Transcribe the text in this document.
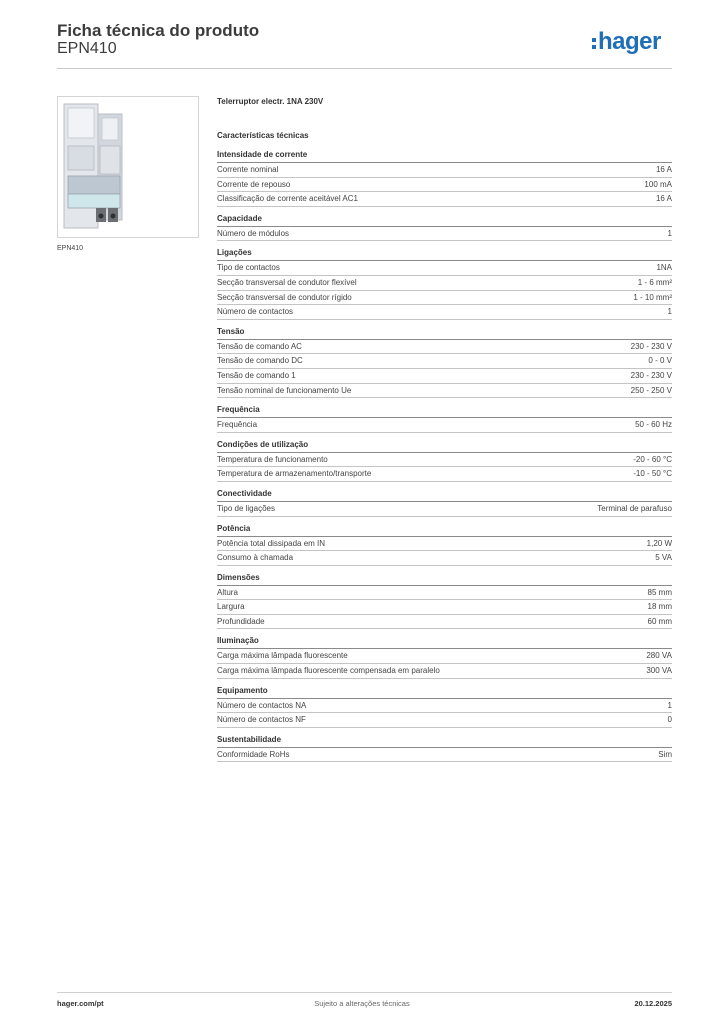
Ficha técnica do produto
EPN410	hager
EPN410
Telerruptor electr. 1NA 230V
Características técnicas
Intensidade de corrente
Corrente nominal	16 A
Corrente de repouso	100 mA
Classificação de corrente aceitável AC1	16 A
Capacidade
Número de módulos	1
Ligações
Tipo de contactos	1NA
Secção transversal de condutor flexível	1 - 6 mm²
Secção transversal de condutor rígido	1 - 10 mm²
Número de contactos	1
Tensão
Tensão de comando AC	230 - 230 V
Tensão de comando DC	0 - 0 V
Tensão de comando 1	230 - 230 V
Tensão nominal de funcionamento Ue	250 - 250 V
Frequência
Frequência	50 - 60 Hz
Condições de utilização
Temperatura de funcionamento	-20 - 60 °C
Temperatura de armazenamento/transporte	-10 - 50 °C
Conectividade
Tipo de ligações	Terminal de parafuso
Potência
Potência total dissipada em IN	1,20 W
Consumo à chamada	5 VA
Dimensões
Altura	85 mm
Largura	18 mm
Profundidade	60 mm
Iluminação
Carga máxima lâmpada fluorescente	280 VA
Carga máxima lâmpada fluorescente compensada em paralelo	300 VA
Equipamento
Número de contactos NA	1
Número de contactos NF	0
Sustentabilidade
Conformidade RoHs	Sim
hager.com/pt	Sujeito a alterações técnicas	20.12.2025
